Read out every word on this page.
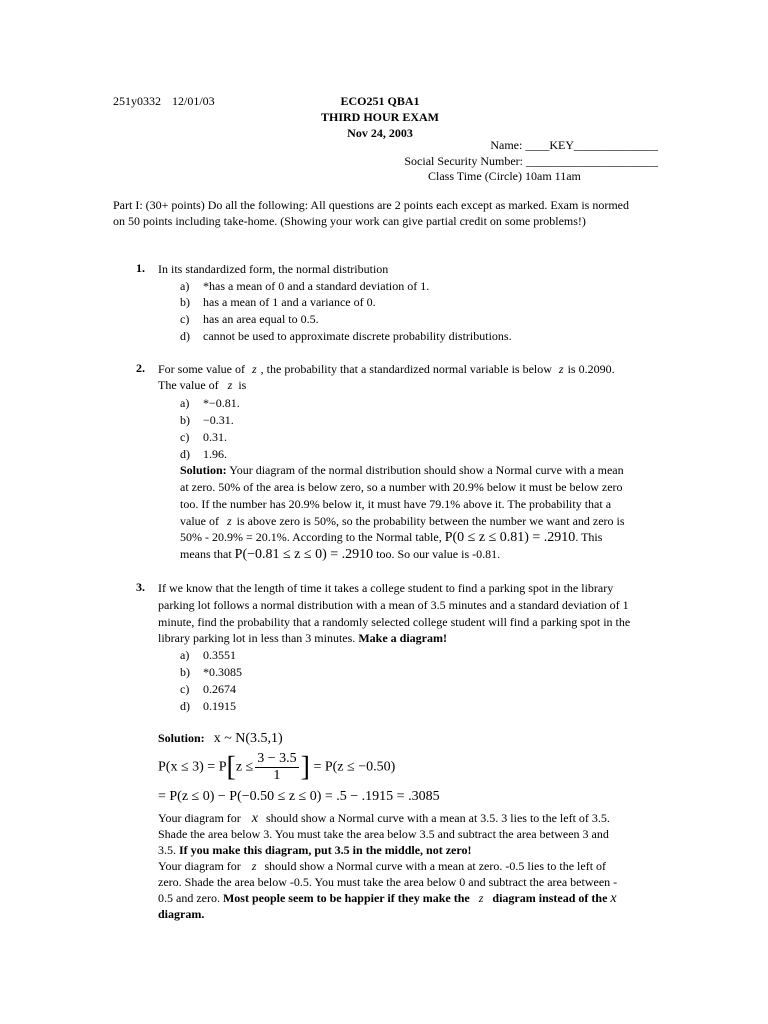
251y0332 12/01/03	ECO251 QBA1
THIRD HOUR EXAM
Nov 24, 2003
Name: ____KEY______________
Social Security Number: ______________________
Class Time (Circle) 10am 11am
Part I: (30+ points) Do all the following: All questions are 2 points each except as marked. Exam is normed
on 50 points including take-home. (Showing your work can give partial credit on some problems!)
1. In its standardized form, the normal distribution
a) *has a mean of 0 and a standard deviation of 1.
b) has a mean of 1 and a variance of 0.
c) has an area equal to 0.5.
d) cannot be used to approximate discrete probability distributions.
2. For some value of z , the probability that a standardized normal variable is below z is 0.2090.
The value of z is
a) *−0.81.
b) −0.31.
c) 0.31.
d) 1.96.
Solution: Your diagram of the normal distribution should show a Normal curve with a mean
at zero. 50% of the area is below zero, so a number with 20.9% below it must be below zero
too. If the number has 20.9% below it, it must have 79.1% above it. The probability that a
value of z is above zero is 50%, so the probability between the number we want and zero is
50% - 20.9% = 20.1%. According to the Normal table, P(0 ≤ z ≤ 0.81) = .2910. This
means that P(−0.81 ≤ z ≤ 0) = .2910 too. So our value is -0.81.
3. If we know that the length of time it takes a college student to find a parking spot in the library
parking lot follows a normal distribution with a mean of 3.5 minutes and a standard deviation of 1
minute, find the probability that a randomly selected college student will find a parking spot in the
library parking lot in less than 3 minutes. Make a diagram!
a) 0.3551
b) *0.3085
c) 0.2674
d) 0.1915
Solution: x ~ N(3.5,1)
$P(x \le 3) = P[z \le \frac{3 - 3.5}{1}$ ] = P(z ≤ −0.50)
= P(z ≤ 0) − P(−0.50 ≤ z ≤ 0) = .5 − .1915 = .3085
Your diagram for x should show a Normal curve with a mean at 3.5. 3 lies to the left of 3.5.
Shade the area below 3. You must take the area below 3.5 and subtract the area between 3 and
3.5. If you make this diagram, put 3.5 in the middle, not zero!
Your diagram for z should show a Normal curve with a mean at zero. -0.5 lies to the left of
zero. Shade the area below -0.5. You must take the area below 0 and subtract the area between -
0.5 and zero. Most people seem to be happier if they make the z diagram instead of the x
diagram.
